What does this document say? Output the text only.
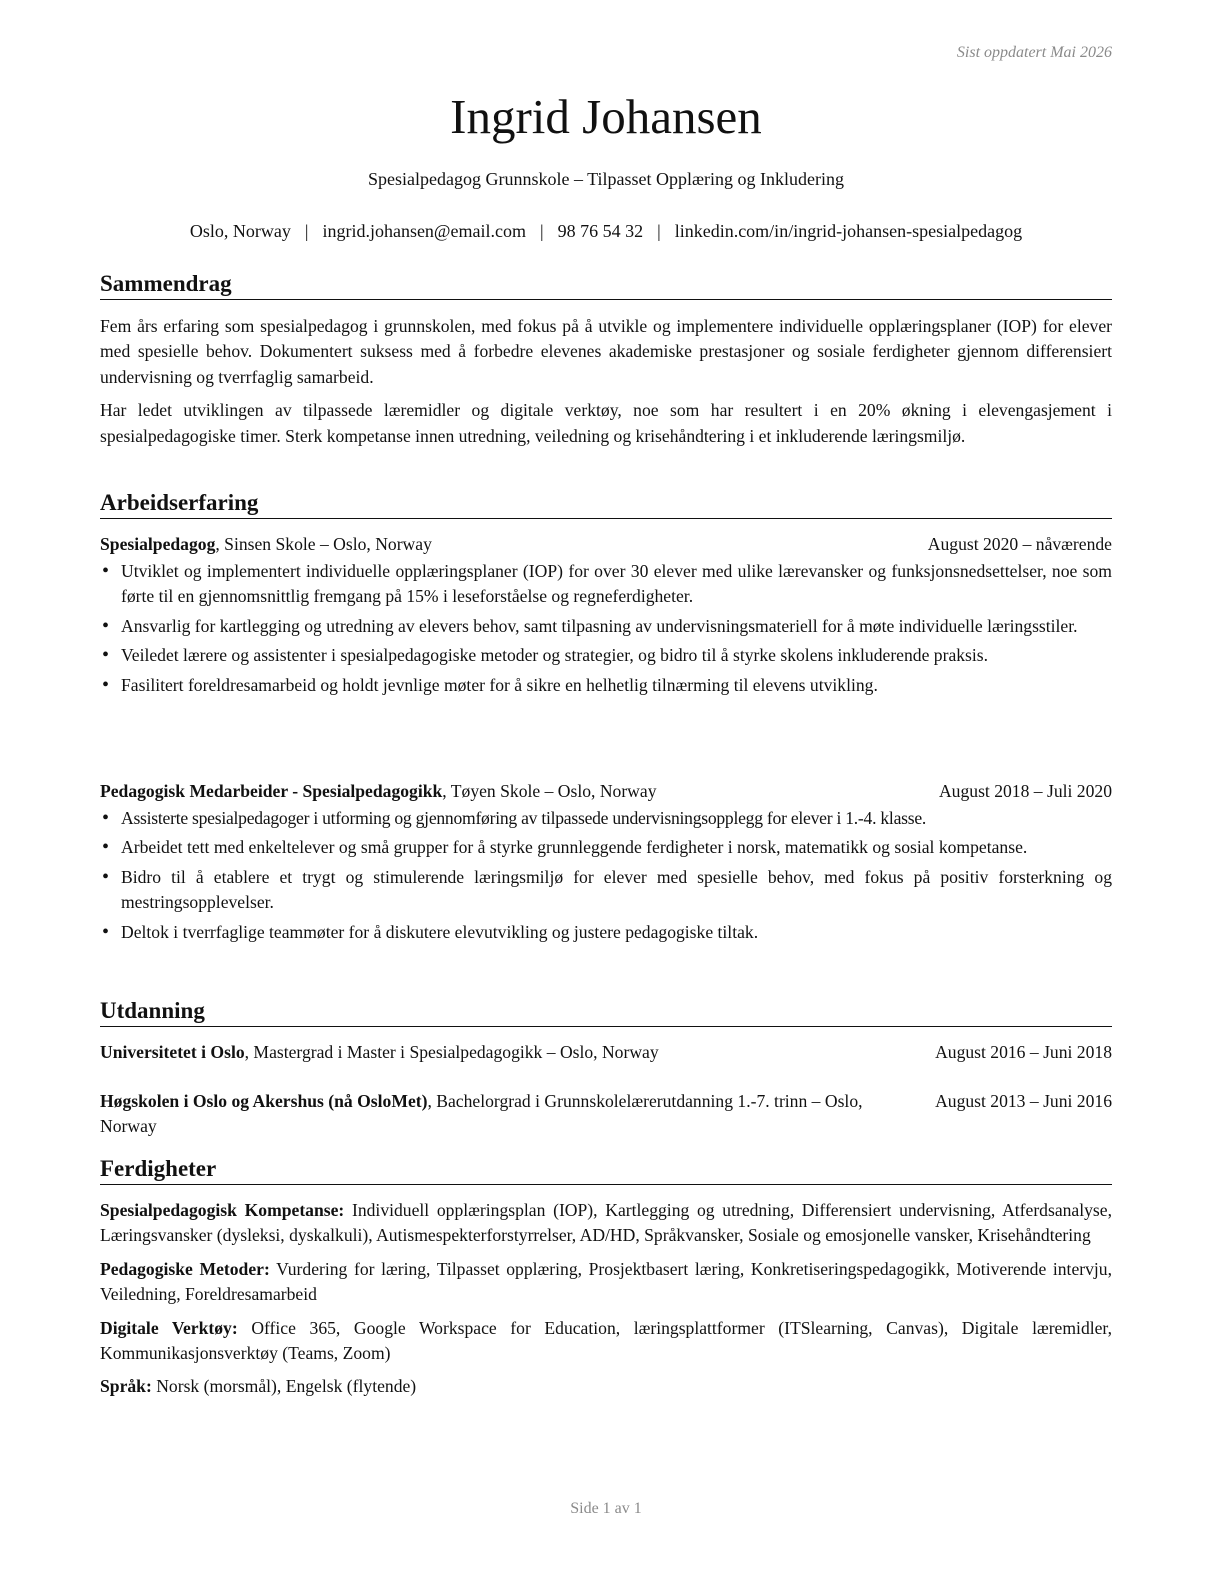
Sist oppdatert Mai 2026
Ingrid Johansen
Spesialpedagog Grunnskole – Tilpasset Opplæring og Inkludering
Oslo, Norway | ingrid.johansen@email.com | 98 76 54 32 | linkedin.com/in/ingrid-johansen-spesialpedagog
Sammendrag

Fem års erfaring som spesialpedagog i grunnskolen, med fokus på å utvikle og implementere individuelle opplæringsplaner (IOP) for elever med spesielle behov. Dokumentert suksess med å forbedre elevenes akademiske prestasjoner og sosiale ferdigheter gjennom differensiert undervisning og tverrfaglig samarbeid.

Har ledet utviklingen av tilpassede læremidler og digitale verktøy, noe som har resultert i en 20% økning i elevengasjement i spesialpedagogiske timer. Sterk kompetanse innen utredning, veiledning og krisehåndtering i et inkluderende læringsmiljø.

Arbeidserfaring
Spesialpedagog, Sinsen Skole – Oslo, Norway	August 2020 – nåværende
• Utviklet og implementert individuelle opplæringsplaner (IOP) for over 30 elever med ulike lærevansker og funksjonsnedsettelser, noe som førte til en gjennomsnittlig fremgang på 15% i leseforståelse og regneferdigheter.
• Ansvarlig for kartlegging og utredning av elevers behov, samt tilpasning av undervisningsmateriell for å møte individuelle læringsstiler.
• Veiledet lærere og assistenter i spesialpedagogiske metoder og strategier, og bidro til å styrke skolens inkluderende praksis.
• Fasilitert foreldresamarbeid og holdt jevnlige møter for å sikre en helhetlig tilnærming til elevens utvikling.
Pedagogisk Medarbeider - Spesialpedagogikk, Tøyen Skole – Oslo, Norway	August 2018 – Juli 2020
• Assisterte spesialpedagoger i utforming og gjennomføring av tilpassede undervisningsopplegg for elever i 1.-4. klasse.
• Arbeidet tett med enkeltelever og små grupper for å styrke grunnleggende ferdigheter i norsk, matematikk og sosial kompetanse.
• Bidro til å etablere et trygt og stimulerende læringsmiljø for elever med spesielle behov, med fokus på positiv forsterkning og mestringsopplevelser.
• Deltok i tverrfaglige teammøter for å diskutere elevutvikling og justere pedagogiske tiltak.
Utdanning
Universitetet i Oslo, Mastergrad i Master i Spesialpedagogikk – Oslo, Norway	August 2016 – Juni 2018
Høgskolen i Oslo og Akershus (nå OsloMet), Bachelorgrad i Grunnskolelærerutdanning 1.-7. trinn – Oslo, Norway
August 2013 – Juni 2016
Ferdigheter

Spesialpedagogisk Kompetanse: Individuell opplæringsplan (IOP), Kartlegging og utredning, Differensiert undervisning, Atferdsanalyse, Læringsvansker (dysleksi, dyskalkuli), Autismespekterforstyrrelser, AD/HD, Språkvansker, Sosiale og emosjonelle vansker, Krisehåndtering

Pedagogiske Metoder: Vurdering for læring, Tilpasset opplæring, Prosjektbasert læring, Konkretiseringspedagogikk, Motiverende intervju, Veiledning, Foreldresamarbeid

Digitale Verktøy: Office 365, Google Workspace for Education, læringsplattformer (ITSlearning, Canvas), Digitale læremidler, Kommunikasjonsverktøy (Teams, Zoom)

Språk: Norsk (morsmål), Engelsk (flytende)

Side 1 av 1
